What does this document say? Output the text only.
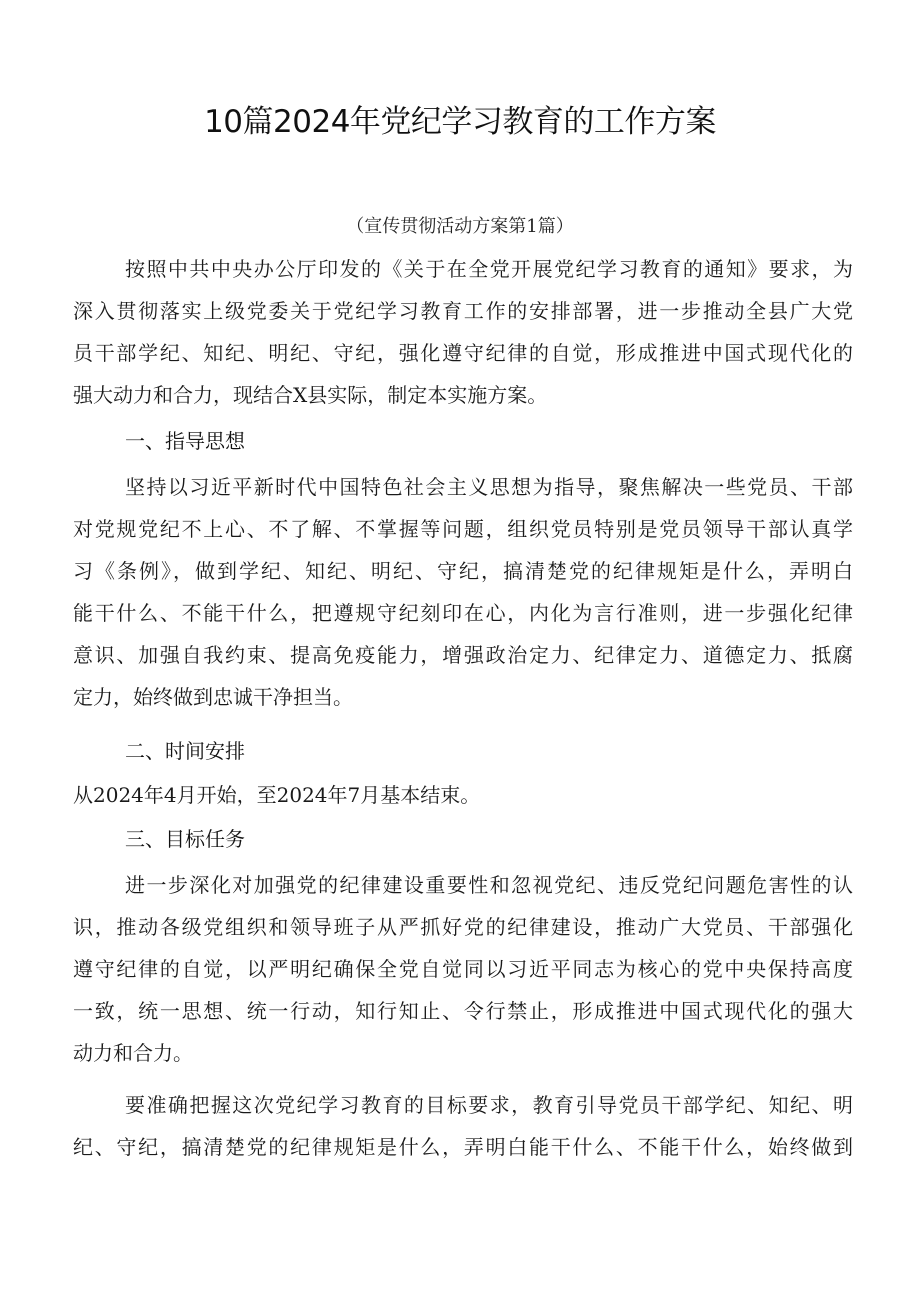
10篇2024年党纪学习教育的工作方案
（宣传贯彻活动方案第1篇）
按照中共中央办公厅印发的《关于在全党开展党纪学习教育的通知》要求，为
深入贯彻落实上级党委关于党纪学习教育工作的安排部署，进一步推动全县广大党
员干部学纪、知纪、明纪、守纪，强化遵守纪律的自觉，形成推进中国式现代化的
强大动力和合力，现结合X县实际，制定本实施方案。
一、指导思想
坚持以习近平新时代中国特色社会主义思想为指导，聚焦解决一些党员、干部
对党规党纪不上心、不了解、不掌握等问题，组织党员特别是党员领导干部认真学
习《条例》，做到学纪、知纪、明纪、守纪，搞清楚党的纪律规矩是什么，弄明白
能干什么、不能干什么，把遵规守纪刻印在心，内化为言行准则，进一步强化纪律
意识、加强自我约束、提高免疫能力，增强政治定力、纪律定力、道德定力、抵腐
定力，始终做到忠诚干净担当。
二、时间安排
从2024年4月开始，至2024年7月基本结束。
三、目标任务
进一步深化对加强党的纪律建设重要性和忽视党纪、违反党纪问题危害性的认
识，推动各级党组织和领导班子从严抓好党的纪律建设，推动广大党员、干部强化
遵守纪律的自觉，以严明纪确保全党自觉同以习近平同志为核心的党中央保持高度
一致，统一思想、统一行动，知行知止、令行禁止，形成推进中国式现代化的强大
动力和合力。
要准确把握这次党纪学习教育的目标要求，教育引导党员干部学纪、知纪、明
纪、守纪，搞清楚党的纪律规矩是什么，弄明白能干什么、不能干什么，始终做到
